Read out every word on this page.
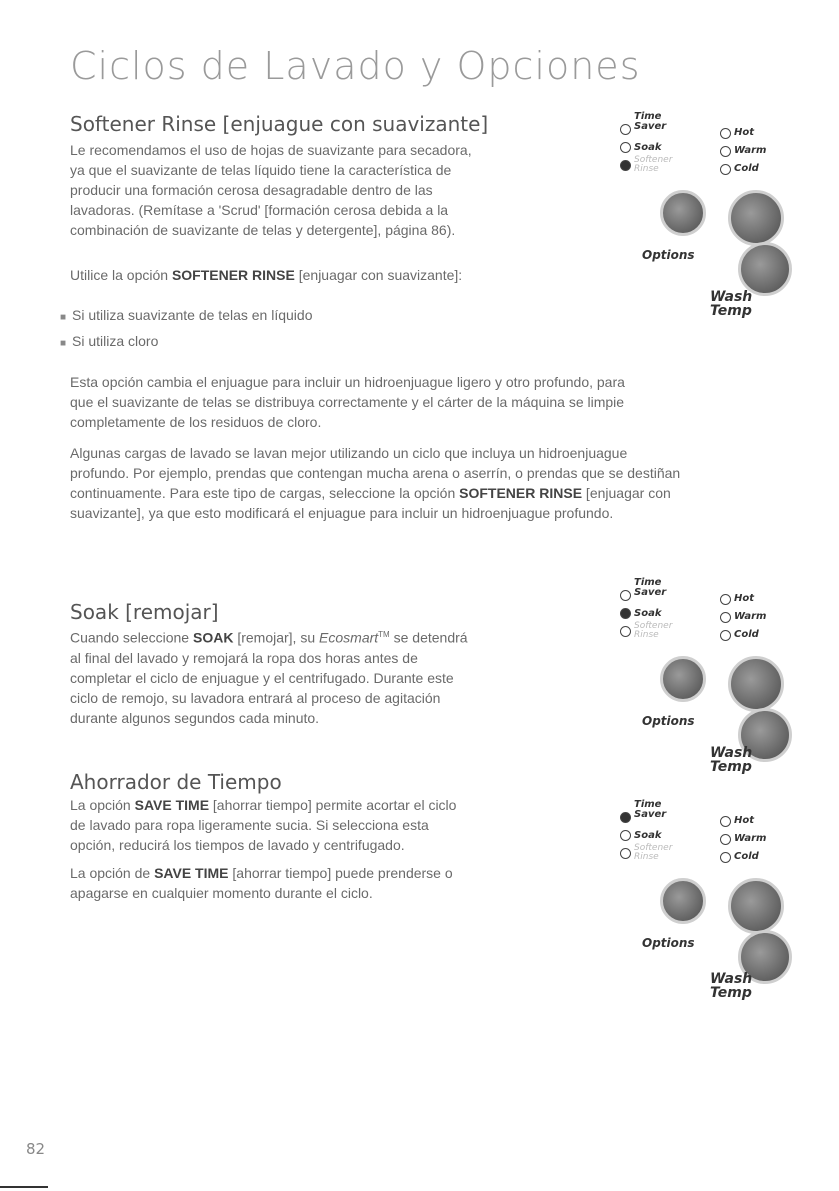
Ciclos de Lavado y Opciones
Softener Rinse [enjuague con suavizante]
Le recomendamos el uso de hojas de suavizante para secadora,
ya que el suavizante de telas líquido tiene la característica de
producir una formación cerosa desagradable dentro de las
lavadoras. (Remítase a 'Scrud' [formación cerosa debida a la
combinación de suavizante de telas y detergente], página 86).
Utilice la opción SOFTENER RINSE [enjuagar con suavizante]:
■ Si utiliza suavizante de telas en líquido
■ Si utiliza cloro
Esta opción cambia el enjuague para incluir un hidroenjuague ligero y otro profundo, para
que el suavizante de telas se distribuya correctamente y el cárter de la máquina se limpie
completamente de los residuos de cloro.
Algunas cargas de lavado se lavan mejor utilizando un ciclo que incluya un hidroenjuague
profundo. Por ejemplo, prendas que contengan mucha arena o aserrín, o prendas que se destiñan
continuamente. Para este tipo de cargas, seleccione la opción SOFTENER RINSE [enjuagar con
suavizante], ya que esto modificará el enjuague para incluir un hidroenjuague profundo.
Soak [remojar]
Cuando seleccione SOAK [remojar], su Ecosmart™ se detendrá
al final del lavado y remojará la ropa dos horas antes de
completar el ciclo de enjuague y el centrifugado. Durante este
ciclo de remojo, su lavadora entrará al proceso de agitación
durante algunos segundos cada minuto.
Ahorrador de Tiempo
La opción SAVE TIME [ahorrar tiempo] permite acortar el ciclo
de lavado para ropa ligeramente sucia. Si selecciona esta
opción, reducirá los tiempos de lavado y centrifugado.
La opción de SAVE TIME [ahorrar tiempo] puede prenderse o
apagarse en cualquier momento durante el ciclo.
Time
Saver
Soak
Softener
Rinse
Hot
Warm
Cold
Options
Wash
Temp
Time
Saver
Soak
Softener
Rinse
Hot
Warm
Cold
Options
Wash
Temp
Time
Saver
Soak
Softener
Rinse
Hot
Warm
Cold
Options
Wash
Temp
82
